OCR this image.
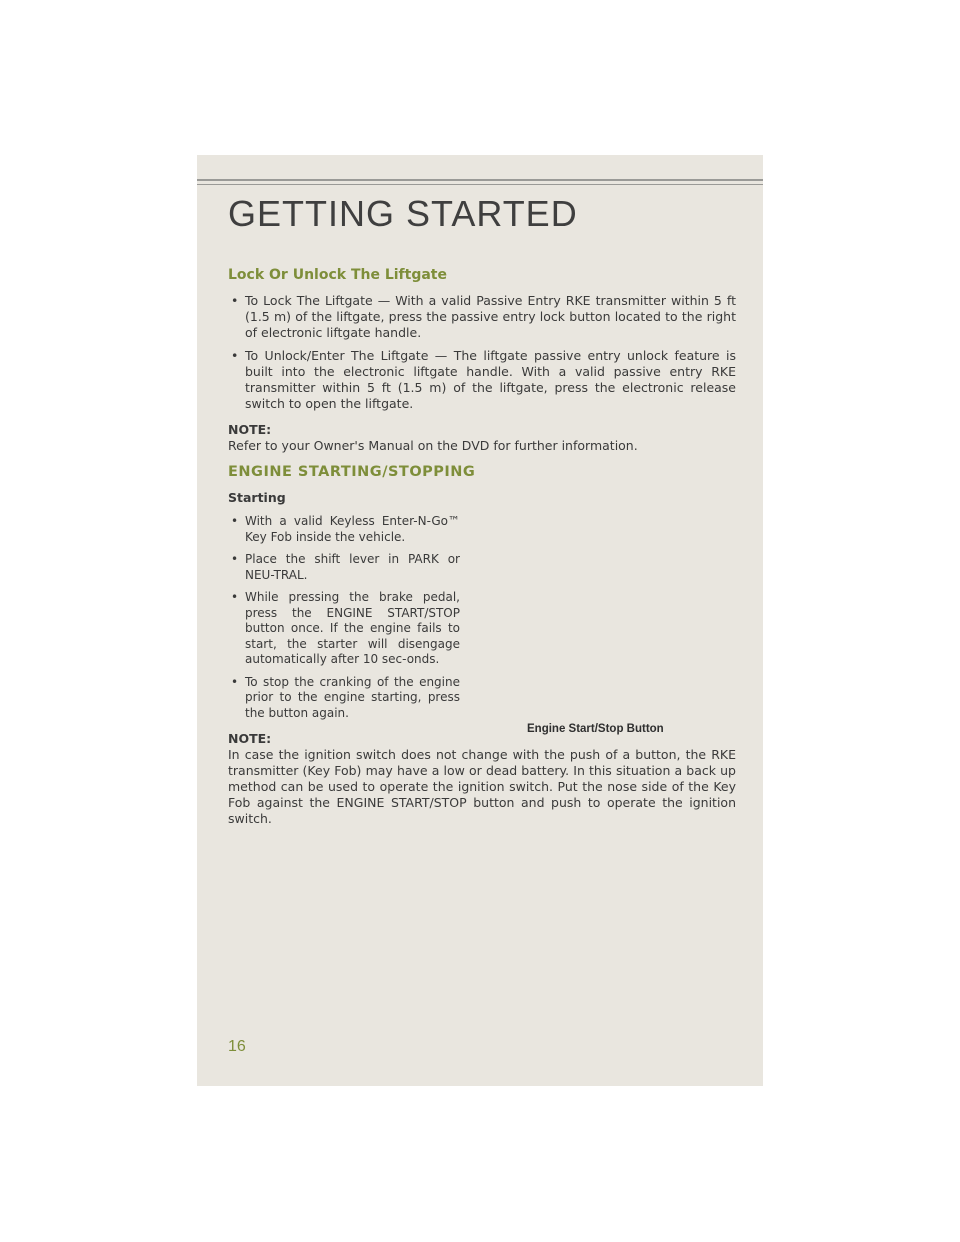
GETTING STARTED
Lock Or Unlock The Liftgate
• To Lock The Liftgate — With a valid Passive Entry RKE transmitter within 5 ft (1.5 m) of the liftgate, press the passive entry lock button located to the right of electronic liftgate handle.
• To Unlock/Enter The Liftgate — The liftgate passive entry unlock feature is built into the electronic liftgate handle. With a valid passive entry RKE transmitter within 5 ft (1.5 m) of the liftgate, press the electronic release switch to open the liftgate.
NOTE:
Refer to your Owner's Manual on the DVD for further information.
ENGINE STARTING/STOPPING
Starting
• With a valid Keyless Enter-N-Go™ Key Fob inside the vehicle.
• Place the shift lever in PARK or NEU-TRAL.
• While pressing the brake pedal, press the ENGINE START/STOP button once. If the engine fails to start, the starter will disengage automatically after 10 sec-onds.
• To stop the cranking of the engine prior to the engine starting, press the button again.
NOTE:
In case the ignition switch does not change with the push of a button, the RKE transmitter (Key Fob) may have a low or dead battery. In this situation a back up method can be used to operate the ignition switch. Put the nose side of the Key Fob against the ENGINE START/STOP button and push to operate the ignition switch.
Engine Start/Stop Button
16
